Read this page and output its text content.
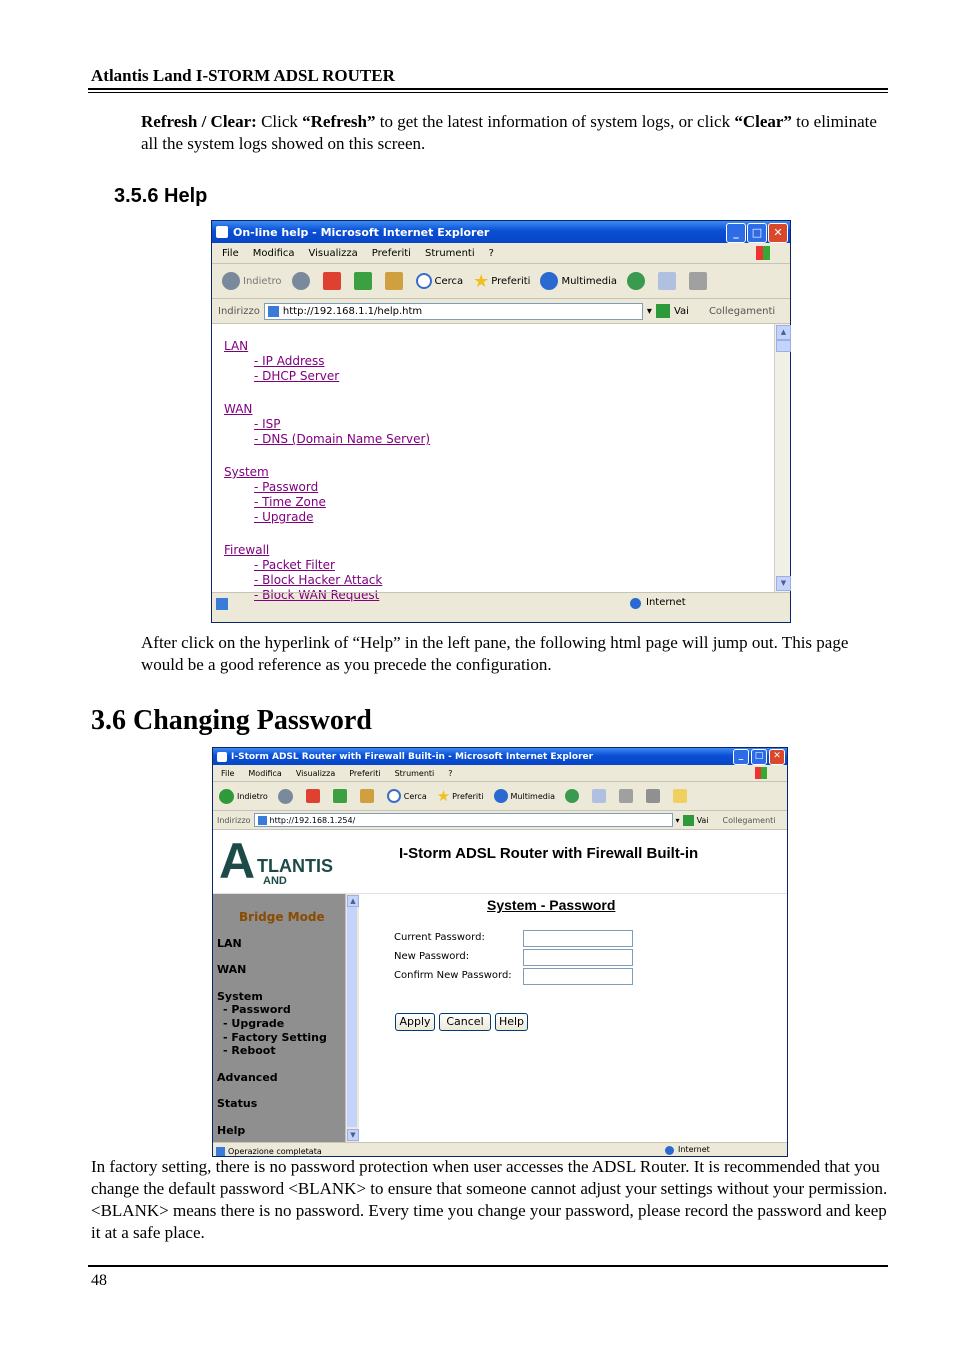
Atlantis Land I-STORM ADSL ROUTER
Refresh / Clear: Click “Refresh” to get the latest information of system logs, or click “Clear” to eliminate all the system logs showed on this screen.
3.5.6 Help
On-line help - Microsoft Internet Explorer	_	□	✕
File Modifica Visualizza Preferiti Strumenti ?
Indietro	Cerca ★ Preferiti	Multimedia
Indirizzo http://192.168.1.1/help.htm	▾ Vai Collegamenti
LAN
- IP Address
- DHCP Server
WAN
- ISP
- DNS (Domain Name Server)
System
- Password
- Time Zone
- Upgrade
Firewall
- Packet Filter
- Block Hacker Attack
- Block WAN Request
▲
▼
Internet
After click on the hyperlink of “Help” in the left pane, the following html page will jump out. This page would be a good reference as you precede the configuration.
3.6 Changing Password
I-Storm ADSL Router with Firewall Built-in - Microsoft Internet Explorer	_	□	✕
File Modifica Visualizza Preferiti Strumenti ?
Indietro	Cerca ★ Preferiti	Multimedia
Indirizzo http://192.168.1.254/	▾ Vai Collegamenti
A TLANTIS
AND
I-Storm ADSL Router with Firewall Built-in
Bridge Mode
LAN
WAN
System
- Password
- Upgrade
- Factory Setting
- Reboot
Advanced
Status
Help
▲
▼
System - Password
Current Password:
New Password:
Confirm New Password:
Apply	Cancel	Help
Operazione completata	Internet
In factory setting, there is no password protection when user accesses the ADSL Router. It is recommended that you change the default password <BLANK> to ensure that someone cannot adjust your settings without your permission. <BLANK> means there is no password. Every time you change your password, please record the password and keep it at a safe place.
48
